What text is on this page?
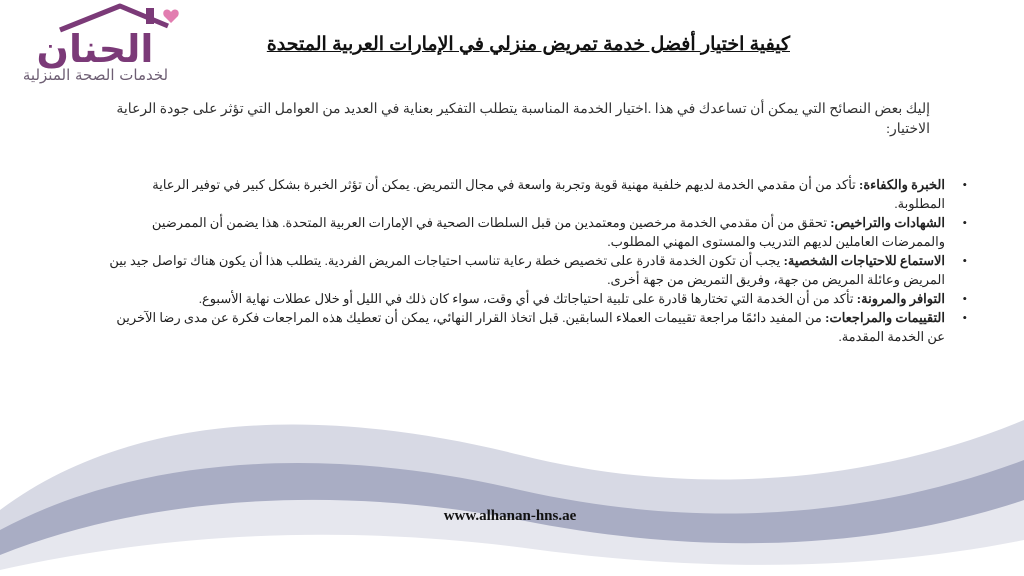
الحنان
لخدمات الصحة المنزلية
كيفية اختيار أفضل خدمة تمريض منزلي في الإمارات العربية المتحدة
إليك بعض النصائح التي يمكن أن تساعدك في هذا .اختيار الخدمة المناسبة يتطلب التفكير بعناية في العديد من العوامل التي تؤثر على جودة الرعاية الاختيار:
•
الخبرة والكفاءة: تأكد من أن مقدمي الخدمة لديهم خلفية مهنية قوية وتجربة واسعة في مجال التمريض. يمكن أن تؤثر الخبرة بشكل كبير في توفير الرعاية المطلوبة.
•
الشهادات والتراخيص: تحقق من أن مقدمي الخدمة مرخصين ومعتمدين من قبل السلطات الصحية في الإمارات العربية المتحدة. هذا يضمن أن الممرضين والممرضات العاملين لديهم التدريب والمستوى المهني المطلوب.
•
الاستماع للاحتياجات الشخصية: يجب أن تكون الخدمة قادرة على تخصيص خطة رعاية تناسب احتياجات المريض الفردية. يتطلب هذا أن يكون هناك تواصل جيد بين المريض وعائلة المريض من جهة، وفريق التمريض من جهة أخرى.
•
التوافر والمرونة: تأكد من أن الخدمة التي تختارها قادرة على تلبية احتياجاتك في أي وقت، سواء كان ذلك في الليل أو خلال عطلات نهاية الأسبوع.
•
التقييمات والمراجعات: من المفيد دائمًا مراجعة تقييمات العملاء السابقين. قبل اتخاذ القرار النهائي، يمكن أن تعطيك هذه المراجعات فكرة عن مدى رضا الآخرين عن الخدمة المقدمة.
www.alhanan-hns.ae
